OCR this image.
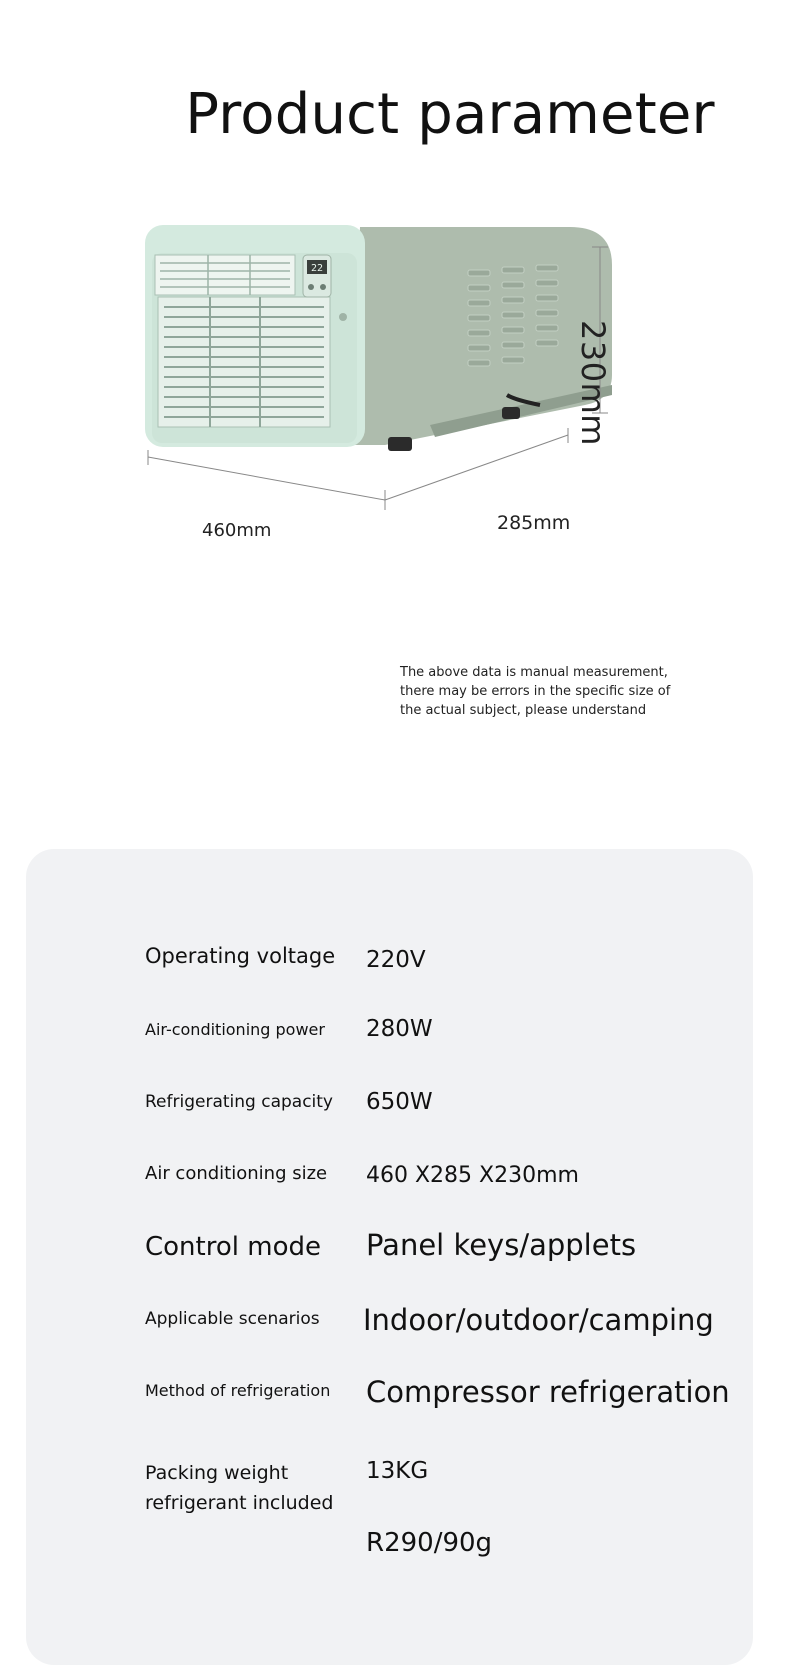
Product parameter
22
460mm	285mm
230mm
The above data is manual measurement, there may be errors in the specific size of the actual subject, please understand
Operating voltage 220V
Air-conditioning power 280W
Refrigerating capacity 650W
Air conditioning size 460 X285 X230mm
Control mode Panel keys/applets
Applicable scenarios Indoor/outdoor/camping
Method of refrigeration Compressor refrigeration
Packing weight refrigerant included
13KG
R290/90g
